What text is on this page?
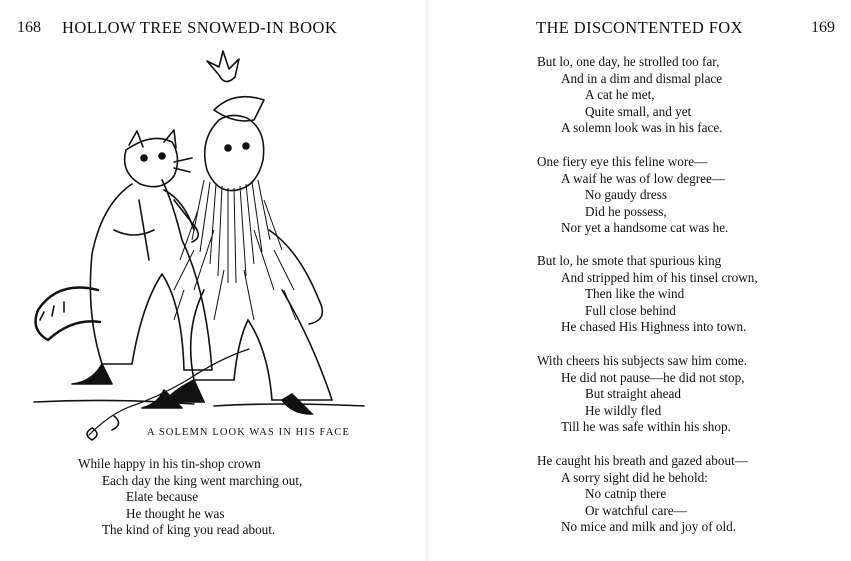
168 HOLLOW TREE SNOWED-IN BOOK
A SOLEMN LOOK WAS IN HIS FACE
While happy in his tin-shop crown
Each day the king went marching out,
Elate because
He thought he was
The kind of king you read about.
THE DISCONTENTED FOX	169
But lo, one day, he strolled too far,
And in a dim and dismal place
A cat he met,
Quite small, and yet
A solemn look was in his face.
One fiery eye this feline wore—
A waif he was of low degree—
No gaudy dress
Did he possess,
Nor yet a handsome cat was he.
But lo, he smote that spurious king
And stripped him of his tinsel crown,
Then like the wind
Full close behind
He chased His Highness into town.
With cheers his subjects saw him come.
He did not pause—he did not stop,
But straight ahead
He wildly fled
Till he was safe within his shop.
He caught his breath and gazed about—
A sorry sight did he behold:
No catnip there
Or watchful care—
No mice and milk and joy of old.
